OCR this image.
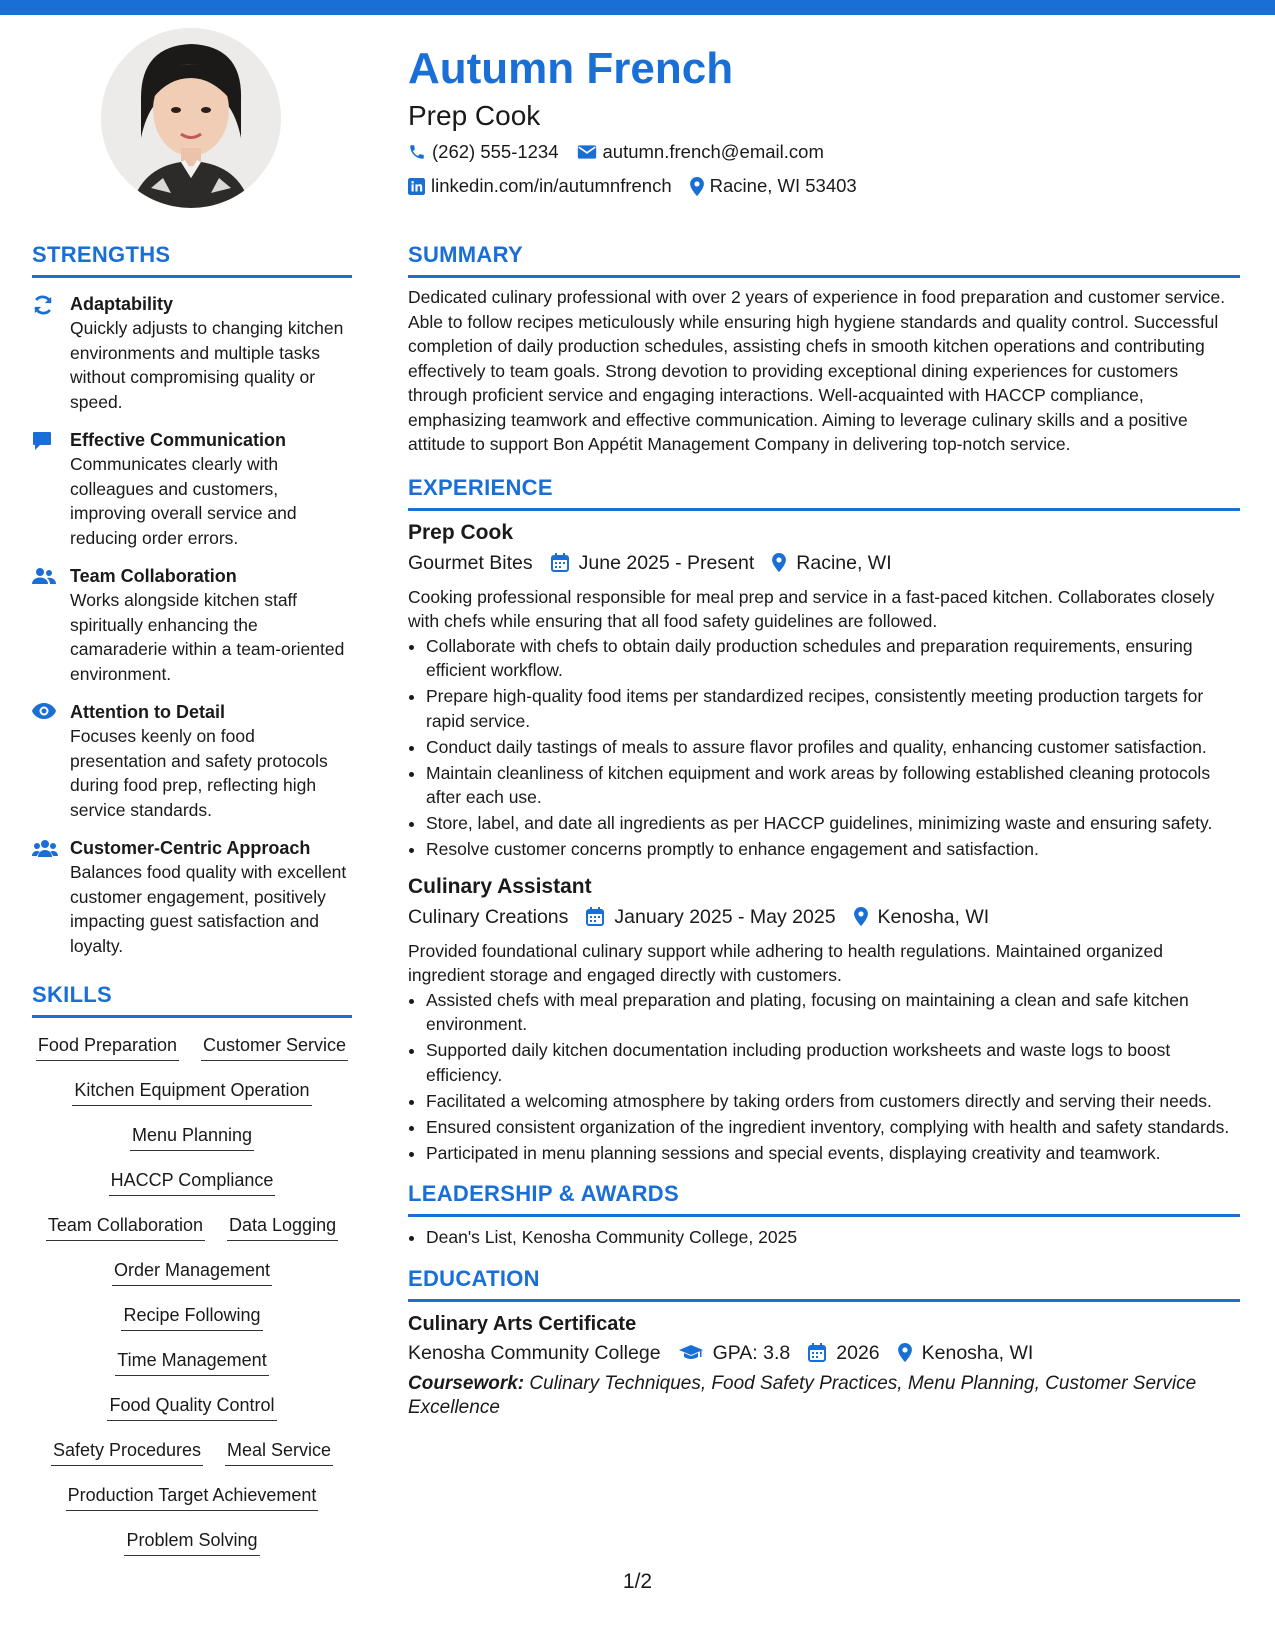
Autumn French
Prep Cook
(262) 555-1234 autumn.french@email.com
linkedin.com/in/autumnfrench Racine, WI 53403
STRENGTHS
Adaptability
Quickly adjusts to changing kitchen environments and multiple tasks without compromising quality or speed.
Effective Communication
Communicates clearly with colleagues and customers, improving overall service and reducing order errors.
Team Collaboration
Works alongside kitchen staff spiritually enhancing the camaraderie within a team-oriented environment.
Attention to Detail
Focuses keenly on food presentation and safety protocols during food prep, reflecting high service standards.
Customer-Centric Approach
Balances food quality with excellent customer engagement, positively impacting guest satisfaction and loyalty.
SKILLS
Food Preparation Customer Service
Kitchen Equipment Operation
Menu Planning
HACCP Compliance
Team Collaboration Data Logging
Order Management
Recipe Following
Time Management
Food Quality Control
Safety Procedures Meal Service
Production Target Achievement
Problem Solving
SUMMARY
Dedicated culinary professional with over 2 years of experience in food preparation and customer service. Able to follow recipes meticulously while ensuring high hygiene standards and quality control. Successful completion of daily production schedules, assisting chefs in smooth kitchen operations and contributing effectively to team goals. Strong devotion to providing exceptional dining experiences for customers through proficient service and engaging interactions. Well-acquainted with HACCP compliance, emphasizing teamwork and effective communication. Aiming to leverage culinary skills and a positive attitude to support Bon Appétit Management Company in delivering top-notch service.
EXPERIENCE
Prep Cook
Gourmet Bites June 2025 - Present Racine, WI
Cooking professional responsible for meal prep and service in a fast-paced kitchen. Collaborates closely with chefs while ensuring that all food safety guidelines are followed.
• Collaborate with chefs to obtain daily production schedules and preparation requirements, ensuring efficient workflow.
• Prepare high-quality food items per standardized recipes, consistently meeting production targets for rapid service.
• Conduct daily tastings of meals to assure flavor profiles and quality, enhancing customer satisfaction.
• Maintain cleanliness of kitchen equipment and work areas by following established cleaning protocols after each use.
• Store, label, and date all ingredients as per HACCP guidelines, minimizing waste and ensuring safety.
• Resolve customer concerns promptly to enhance engagement and satisfaction.
Culinary Assistant
Culinary Creations January 2025 - May 2025 Kenosha, WI
Provided foundational culinary support while adhering to health regulations. Maintained organized ingredient storage and engaged directly with customers.
• Assisted chefs with meal preparation and plating, focusing on maintaining a clean and safe kitchen environment.
• Supported daily kitchen documentation including production worksheets and waste logs to boost efficiency.
• Facilitated a welcoming atmosphere by taking orders from customers directly and serving their needs.
• Ensured consistent organization of the ingredient inventory, complying with health and safety standards.
• Participated in menu planning sessions and special events, displaying creativity and teamwork.
LEADERSHIP & AWARDS
• Dean's List, Kenosha Community College, 2025
EDUCATION
Culinary Arts Certificate
Kenosha Community College	GPA: 3.8 2026 Kenosha, WI
Coursework: Culinary Techniques, Food Safety Practices, Menu Planning, Customer Service Excellence
1/2
